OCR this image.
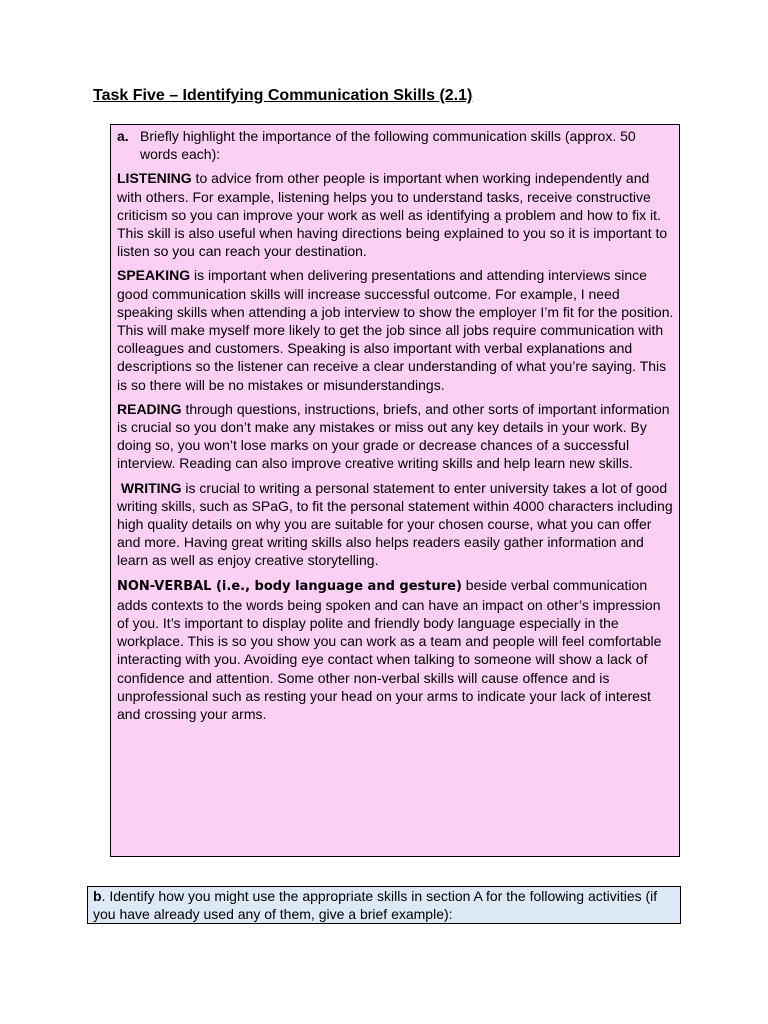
Task Five – Identifying Communication Skills (2.1)
a. Briefly highlight the importance of the following communication skills (approx. 50 words each):

LISTENING to advice from other people is important when working independently and with others. For example, listening helps you to understand tasks, receive constructive criticism so you can improve your work as well as identifying a problem and how to fix it. This skill is also useful when having directions being explained to you so it is important to listen so you can reach your destination.

SPEAKING is important when delivering presentations and attending interviews since good communication skills will increase successful outcome. For example, I need speaking skills when attending a job interview to show the employer I’m fit for the position. This will make myself more likely to get the job since all jobs require communication with colleagues and customers. Speaking is also important with verbal explanations and descriptions so the listener can receive a clear understanding of what you’re saying. This is so there will be no mistakes or misunderstandings.

READING through questions, instructions, briefs, and other sorts of important information is crucial so you don’t make any mistakes or miss out any key details in your work. By doing so, you won’t lose marks on your grade or decrease chances of a successful interview. Reading can also improve creative writing skills and help learn new skills.

WRITING is crucial to writing a personal statement to enter university takes a lot of good writing skills, such as SPaG, to fit the personal statement within 4000 characters including high quality details on why you are suitable for your chosen course, what you can offer and more. Having great writing skills also helps readers easily gather information and learn as well as enjoy creative storytelling.

NON-VERBAL (i.e., body language and gesture) beside verbal communication adds contexts to the words being spoken and can have an impact on other’s impression of you. It’s important to display polite and friendly body language especially in the workplace. This is so you show you can work as a team and people will feel comfortable interacting with you. Avoiding eye contact when talking to someone will show a lack of confidence and attention. Some other non-verbal skills will cause offence and is unprofessional such as resting your head on your arms to indicate your lack of interest and crossing your arms.

b. Identify how you might use the appropriate skills in section A for the following activities (if you have already used any of them, give a brief example):
